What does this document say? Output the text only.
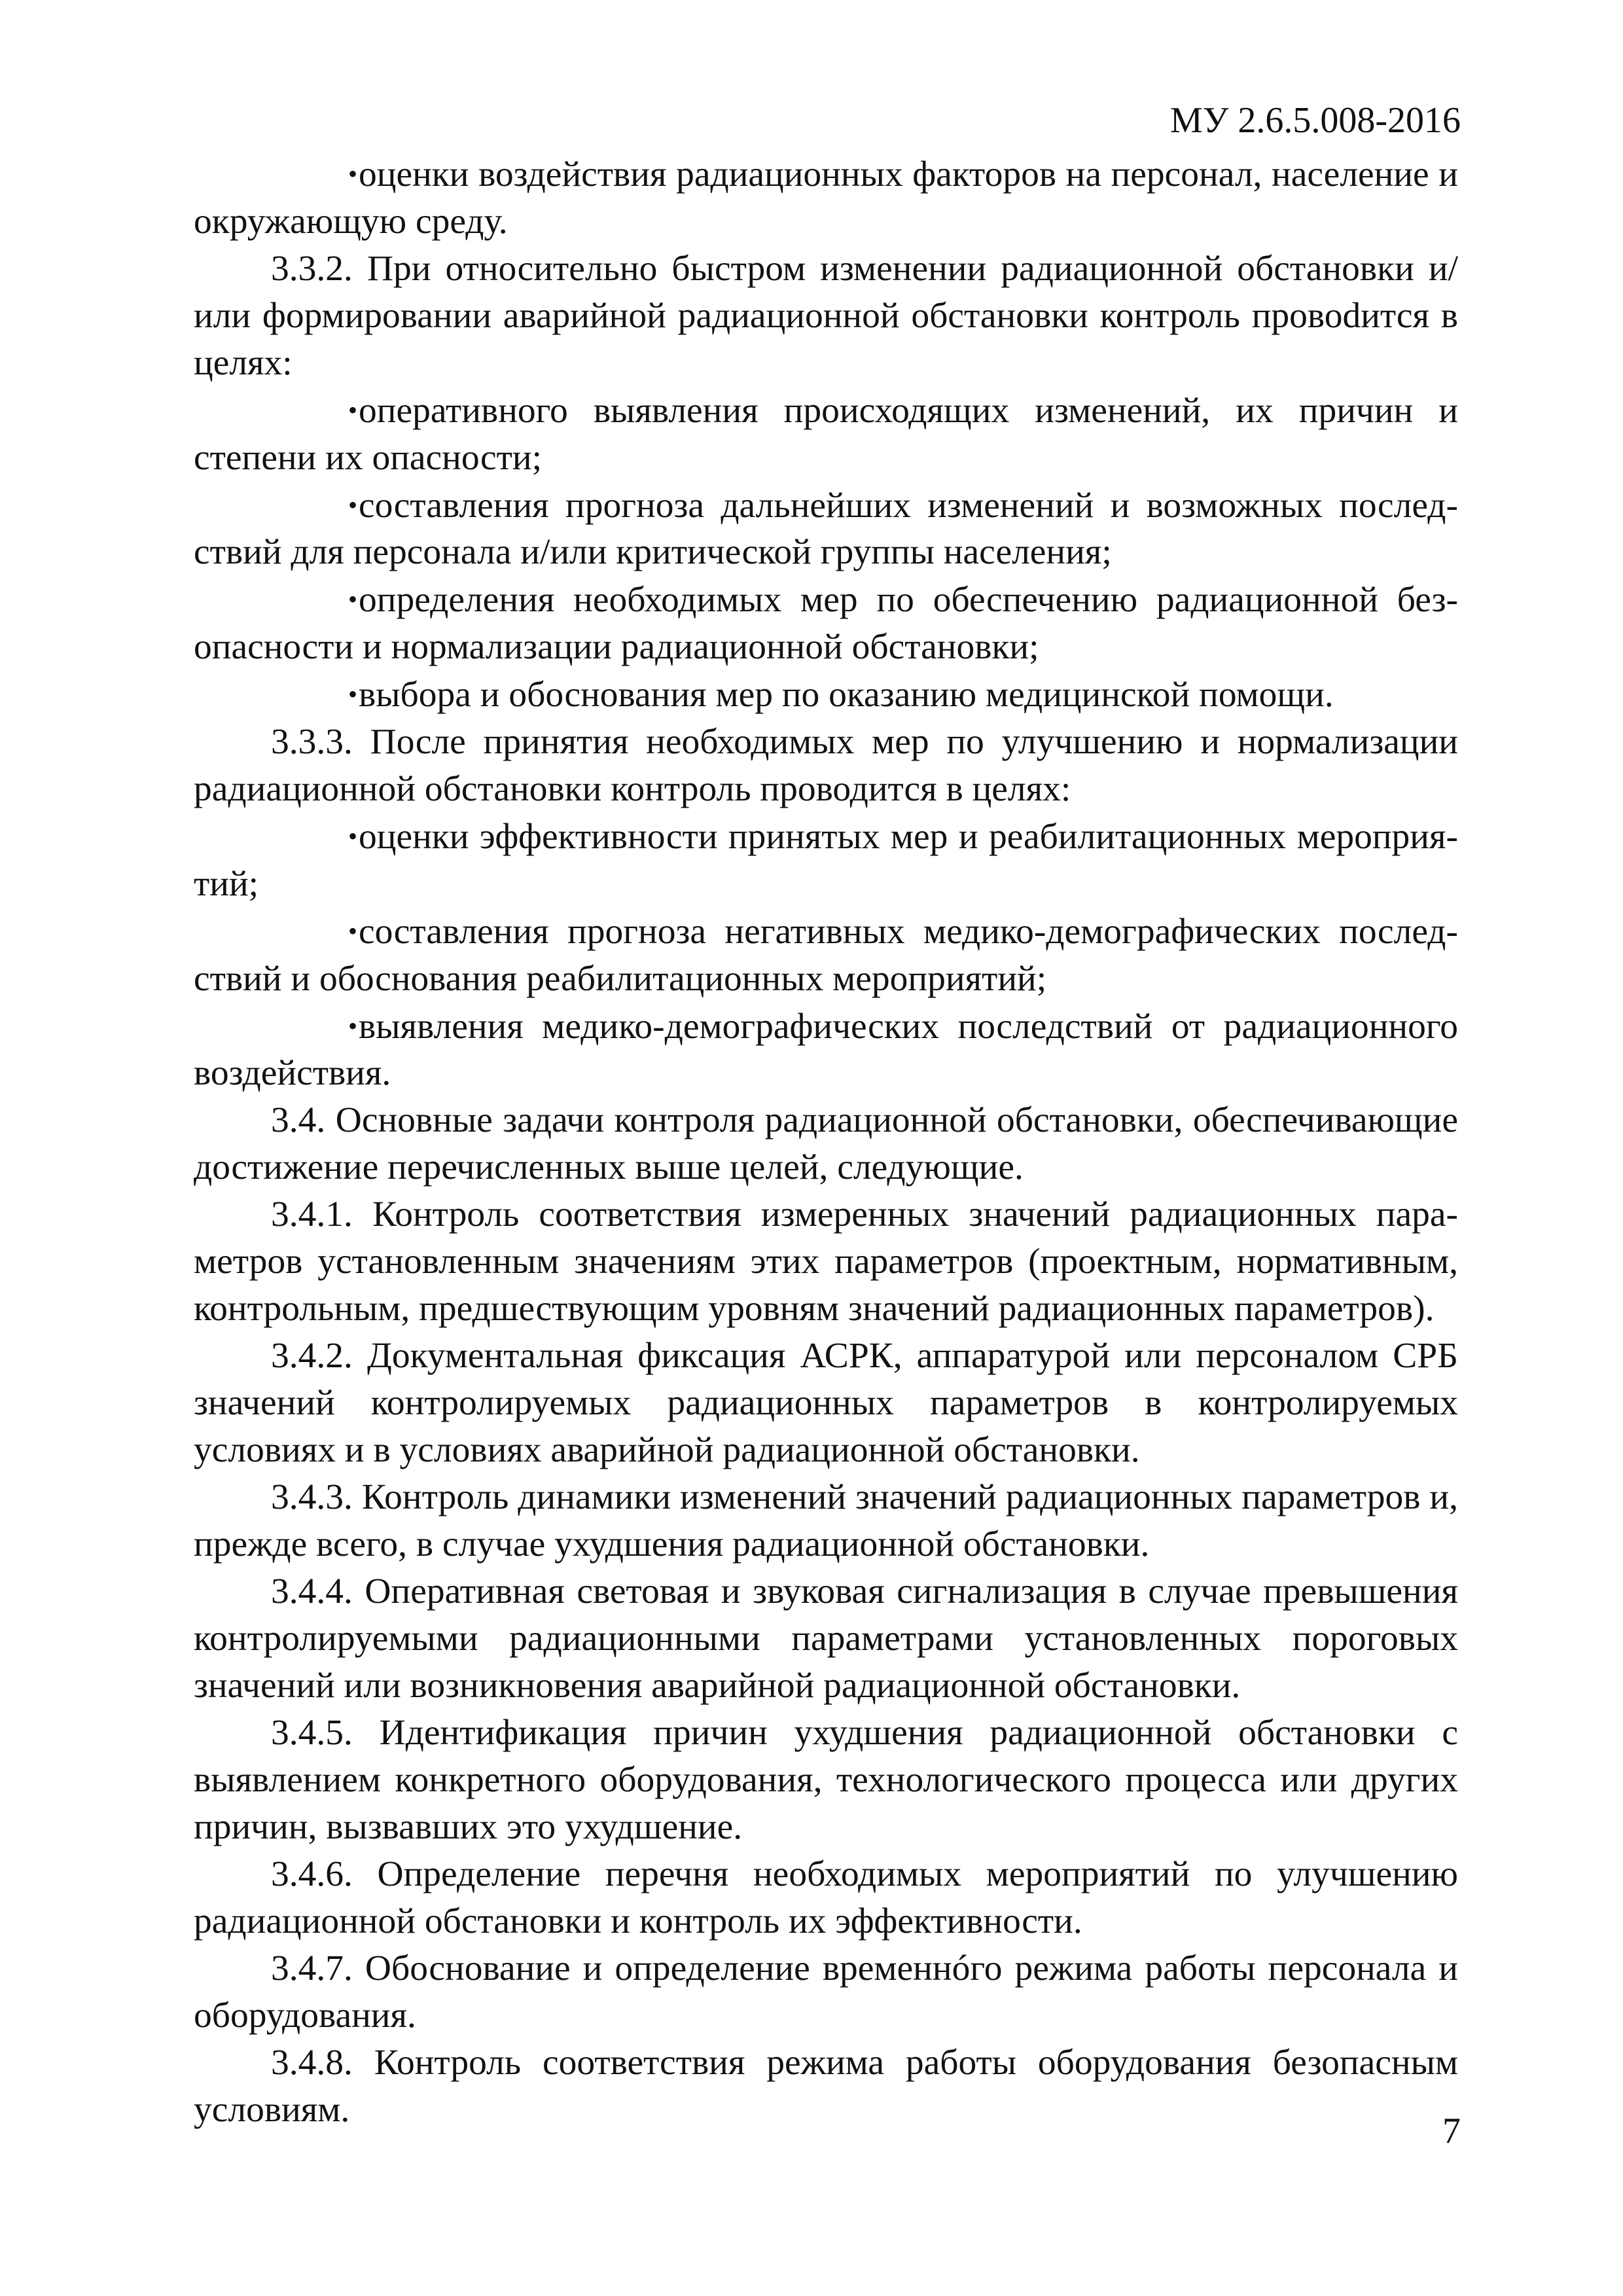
МУ 2.6.5.008-2016

•оценки воздействия радиационных факторов на персонал, население и окружающую среду.

3.3.2. При относительно быстром изменении радиационной обстановки и/или формировании аварийной радиационной обстановки контроль провоdится в целях:

•оперативного выявления происходящих изменений, их причин и степени их опасности;

•составления прогноза дальнейших изменений и возможных последствий для персонала и/или критической группы населения;

•определения необходимых мер по обеспечению радиационной безопасности и нормализации радиационной обстановки;

•выбора и обоснования мер по оказанию медицинской помощи.

3.3.3. После принятия необходимых мер по улучшению и нормализации радиационной обстановки контроль проводится в целях:

•оценки эффективности принятых мер и реабилитационных мероприятий;

•составления прогноза негативных медико-демографических последствий и обоснования реабилитационных мероприятий;

•выявления медико-демографических последствий от радиационного воздействия.

3.4. Основные задачи контроля радиационной обстановки, обеспечивающие достижение перечисленных выше целей, следующие.

3.4.1. Контроль соответствия измеренных значений радиационных параметров установленным значениям этих параметров (проектным, нормативным, контрольным, предшествующим уровням значений радиационных параметров).

3.4.2. Документальная фиксация АСРК, аппаратурой или персоналом СРБ значений контролируемых радиационных параметров в контролируемых условиях и в условиях аварийной радиационной обстановки.

3.4.3. Контроль динамики изменений значений радиационных параметров и, прежде всего, в случае ухудшения радиационной обстановки.

3.4.4. Оперативная световая и звуковая сигнализация в случае превышения контролируемыми радиационными параметрами установленных пороговых значений или возникновения аварийной радиационной обстановки.

3.4.5. Идентификация причин ухудшения радиационной обстановки с выявлением конкретного оборудования, технологического процесса или других причин, вызвавших это ухудшение.

3.4.6. Определение перечня необходимых мероприятий по улучшению радиационной обстановки и контроль их эффективности.

3.4.7. Обоснование и определение временнóго режима работы персонала и оборудования.

3.4.8. Контроль соответствия режима работы оборудования безопасным условиям.

7
